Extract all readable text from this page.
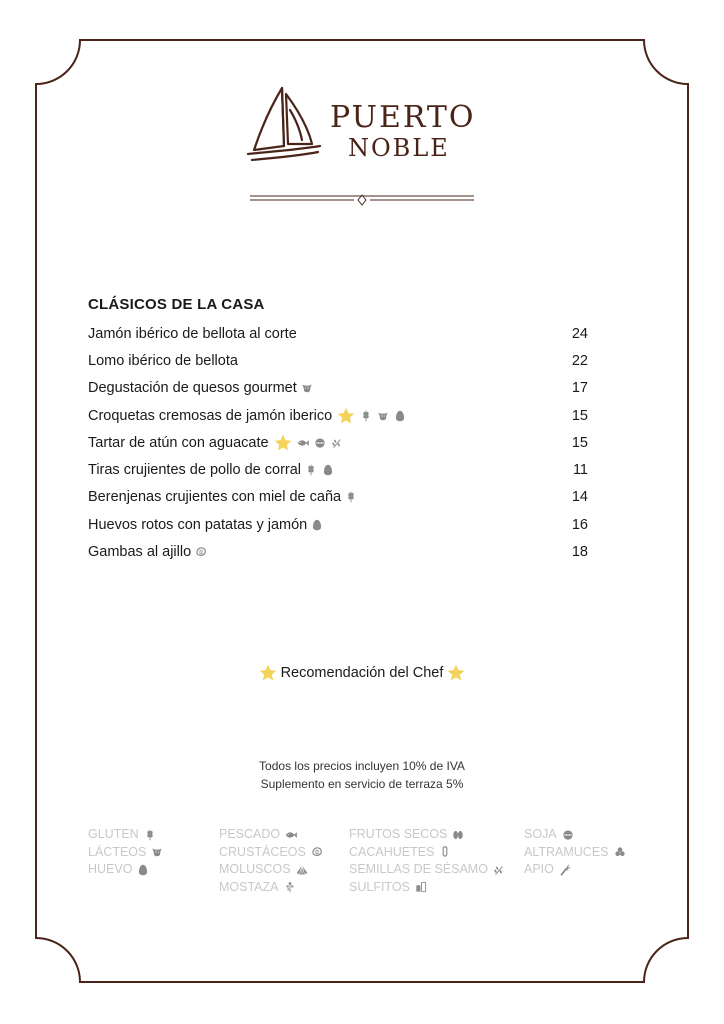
PUERTO
NOBLE
CLÁSICOS DE LA CASA
Jamón ibérico de bellota al corte	24
Lomo ibérico de bellota	22
Degustación de quesos gourmet	17
Croquetas cremosas de jamón iberico	15
Tartar de atún con aguacate	15
Tiras crujientes de pollo de corral	11
Berenjenas crujientes con miel de caña	14
Huevos rotos con patatas y jamón	16
Gambas al ajillo	18
Recomendación del Chef
Todos los precios incluyen 10% de IVA
Suplemento en servicio de terraza 5%
GLUTEN
LÁCTEOS
HUEVO
PESCADO
CRUSTÁCEOS
MOLUSCOS
MOSTAZA
FRUTOS SECOS
CACAHUETES
SEMILLAS DE SÉSAMO
SULFITOS
SOJA
ALTRAMUCES
APIO
